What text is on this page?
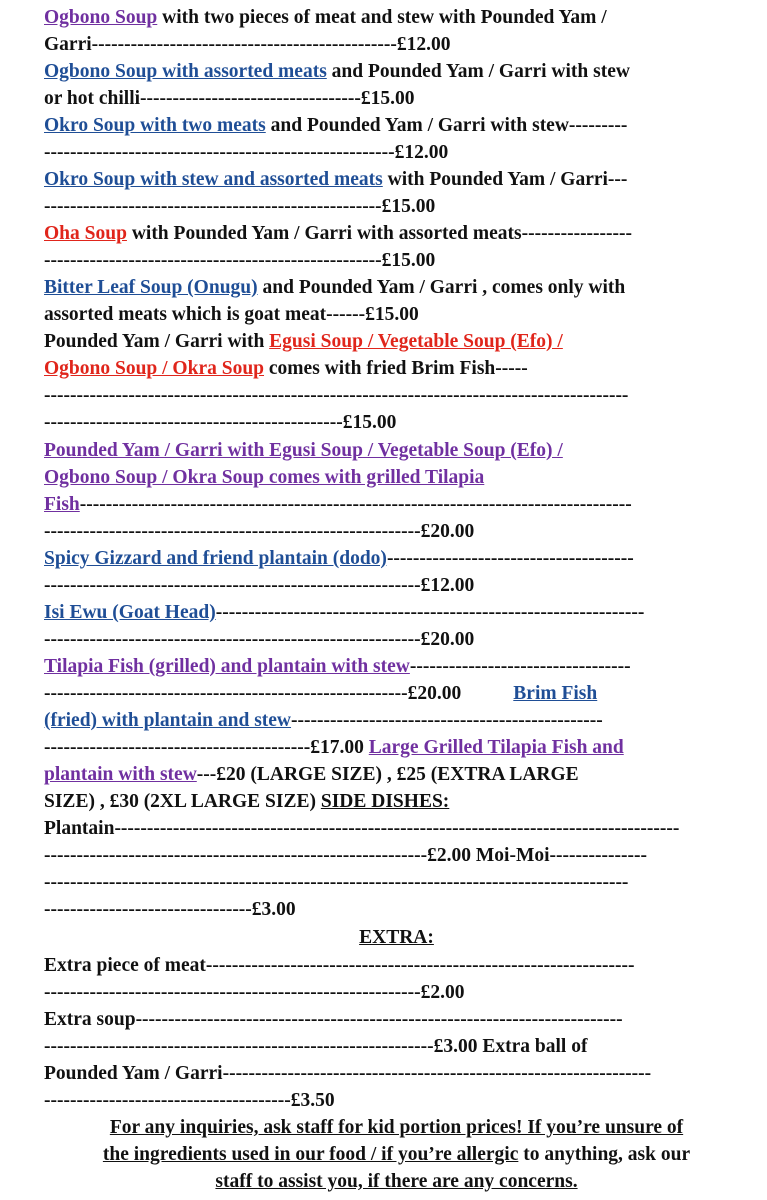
Ogbono Soup with two pieces of meat and stew with Pounded Yam /
Garri-----------------------------------------------£12.00
Ogbono Soup with assorted meats and Pounded Yam / Garri with stew
or hot chilli----------------------------------£15.00
Okro Soup with two meats and Pounded Yam / Garri with stew---------
------------------------------------------------------£12.00
Okro Soup with stew and assorted meats with Pounded Yam / Garri---
----------------------------------------------------£15.00
Oha Soup with Pounded Yam / Garri with assorted meats-----------------
----------------------------------------------------£15.00
Bitter Leaf Soup (Onugu) and Pounded Yam / Garri , comes only with
assorted meats which is goat meat------£15.00
Pounded Yam / Garri with Egusi Soup / Vegetable Soup (Efo) /
Ogbono Soup / Okra Soup comes with fried Brim Fish-----
------------------------------------------------------------------------------------------
----------------------------------------------£15.00
Pounded Yam / Garri with Egusi Soup / Vegetable Soup (Efo) /
Ogbono Soup / Okra Soup comes with grilled Tilapia
Fish-------------------------------------------------------------------------------------
----------------------------------------------------------£20.00
Spicy Gizzard and friend plantain (dodo)--------------------------------------
----------------------------------------------------------£12.00
Isi Ewu (Goat Head)------------------------------------------------------------------
----------------------------------------------------------£20.00
Tilapia Fish (grilled) and plantain with stew----------------------------------
--------------------------------------------------------£20.00	Brim Fish
(fried) with plantain and stew------------------------------------------------
-----------------------------------------£17.00 Large Grilled Tilapia Fish and
plantain with stew---£20 (LARGE SIZE) , £25 (EXTRA LARGE
SIZE) , £30 (2XL LARGE SIZE) SIDE DISHES:
Plantain---------------------------------------------------------------------------------------
-----------------------------------------------------------£2.00 Moi-Moi---------------
------------------------------------------------------------------------------------------
--------------------------------£3.00
EXTRA:
Extra piece of meat------------------------------------------------------------------
----------------------------------------------------------£2.00
Extra soup---------------------------------------------------------------------------
------------------------------------------------------------£3.00 Extra ball of
Pounded Yam / Garri------------------------------------------------------------------
--------------------------------------£3.50
For any inquiries, ask staff for kid portion prices! If you’re unsure of
the ingredients used in our food / if you’re allergic to anything, ask our
staff to assist you, if there are any concerns.
